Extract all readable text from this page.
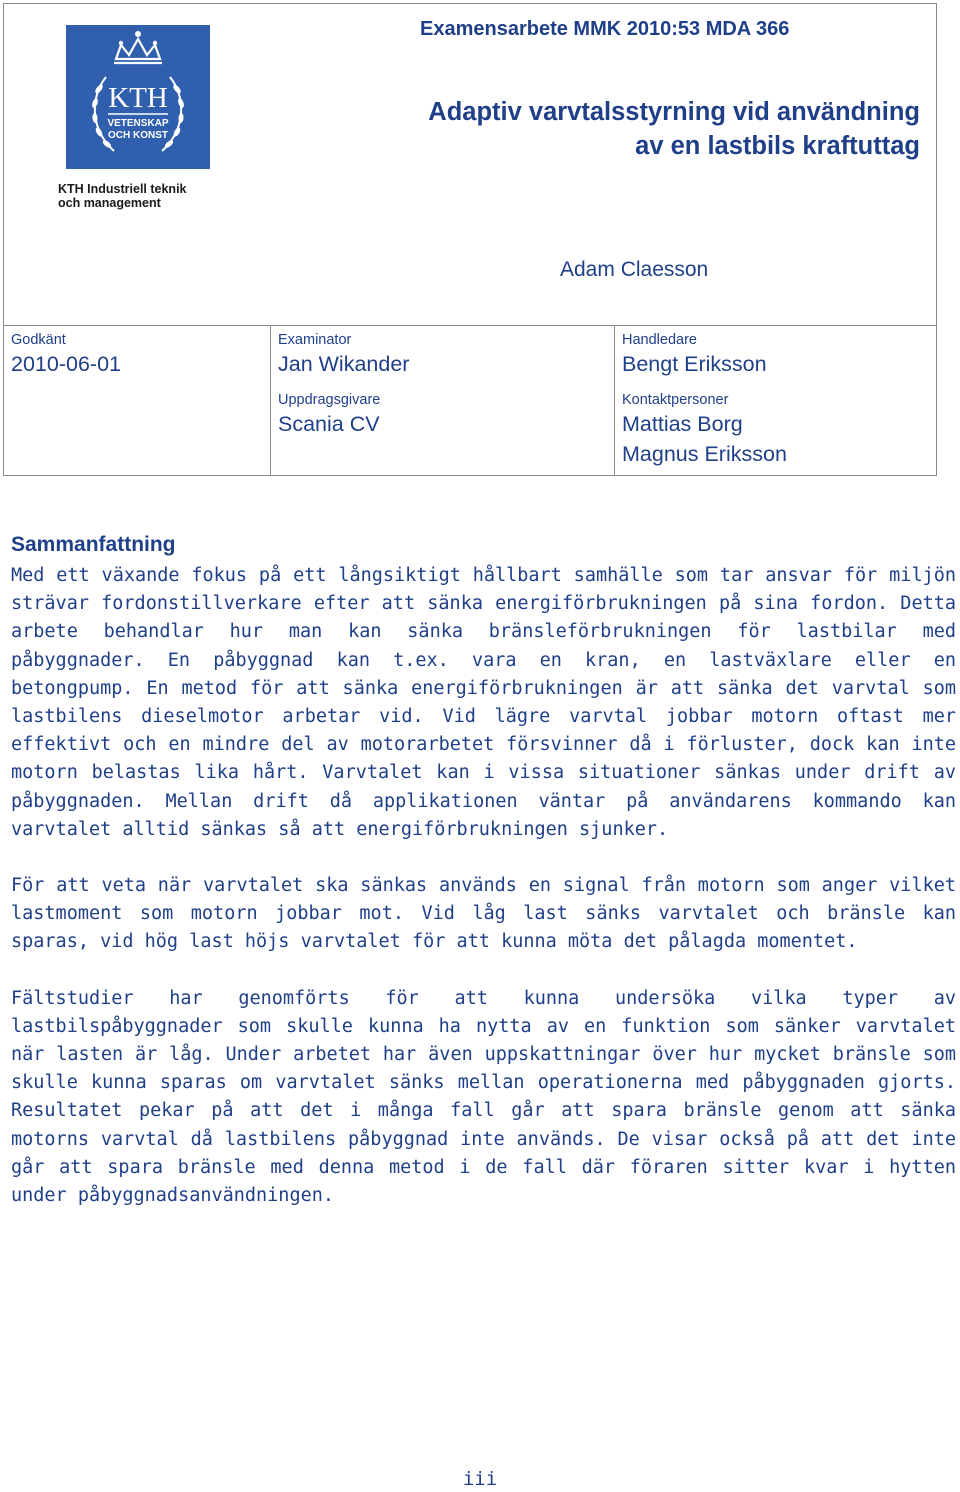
KTH
VETENSKAP
OCH KONST
KTH Industriell teknik
och management
Examensarbete MMK 2010:53 MDA 366
Adaptiv varvtalsstyrning vid användning
av en lastbils kraftuttag
Adam Claesson
Godkänt
2010-06-01
Examinator
Jan Wikander
Handledare
Bengt Eriksson
Uppdragsgivare
Scania CV
Kontaktpersoner
Mattias Borg
Magnus Eriksson
Sammanfattning

Med ett växande fokus på ett långsiktigt hållbart samhälle som tar ansvar för miljön strävar fordonstillverkare efter att sänka energiförbrukningen på sina fordon. Detta arbete behandlar hur man kan sänka bränsleförbrukningen för lastbilar med påbyggnader. En påbyggnad kan t.ex. vara en kran, en lastväxlare eller en betongpump. En metod för att sänka energiförbrukningen är att sänka det varvtal som lastbilens dieselmotor arbetar vid. Vid lägre varvtal jobbar motorn oftast mer effektivt och en mindre del av motorarbetet försvinner då i förluster, dock kan inte motorn belastas lika hårt. Varvtalet kan i vissa situationer sänkas under drift av påbyggnaden. Mellan drift då applikationen väntar på användarens kommando kan varvtalet alltid sänkas så att energiförbrukningen sjunker.

För att veta när varvtalet ska sänkas används en signal från motorn som anger vilket lastmoment som motorn jobbar mot. Vid låg last sänks varvtalet och bränsle kan sparas, vid hög last höjs varvtalet för att kunna möta det pålagda momentet.

Fältstudier har genomförts för att kunna undersöka vilka typer av lastbilspåbyggnader som skulle kunna ha nytta av en funktion som sänker varvtalet när lasten är låg. Under arbetet har även uppskattningar över hur mycket bränsle som skulle kunna sparas om varvtalet sänks mellan operationerna med påbyggnaden gjorts. Resultatet pekar på att det i många fall går att spara bränsle genom att sänka motorns varvtal då lastbilens påbyggnad inte används. De visar också på att det inte går att spara bränsle med denna metod i de fall där föraren sitter kvar i hytten under påbyggnadsanvändningen.

iii
